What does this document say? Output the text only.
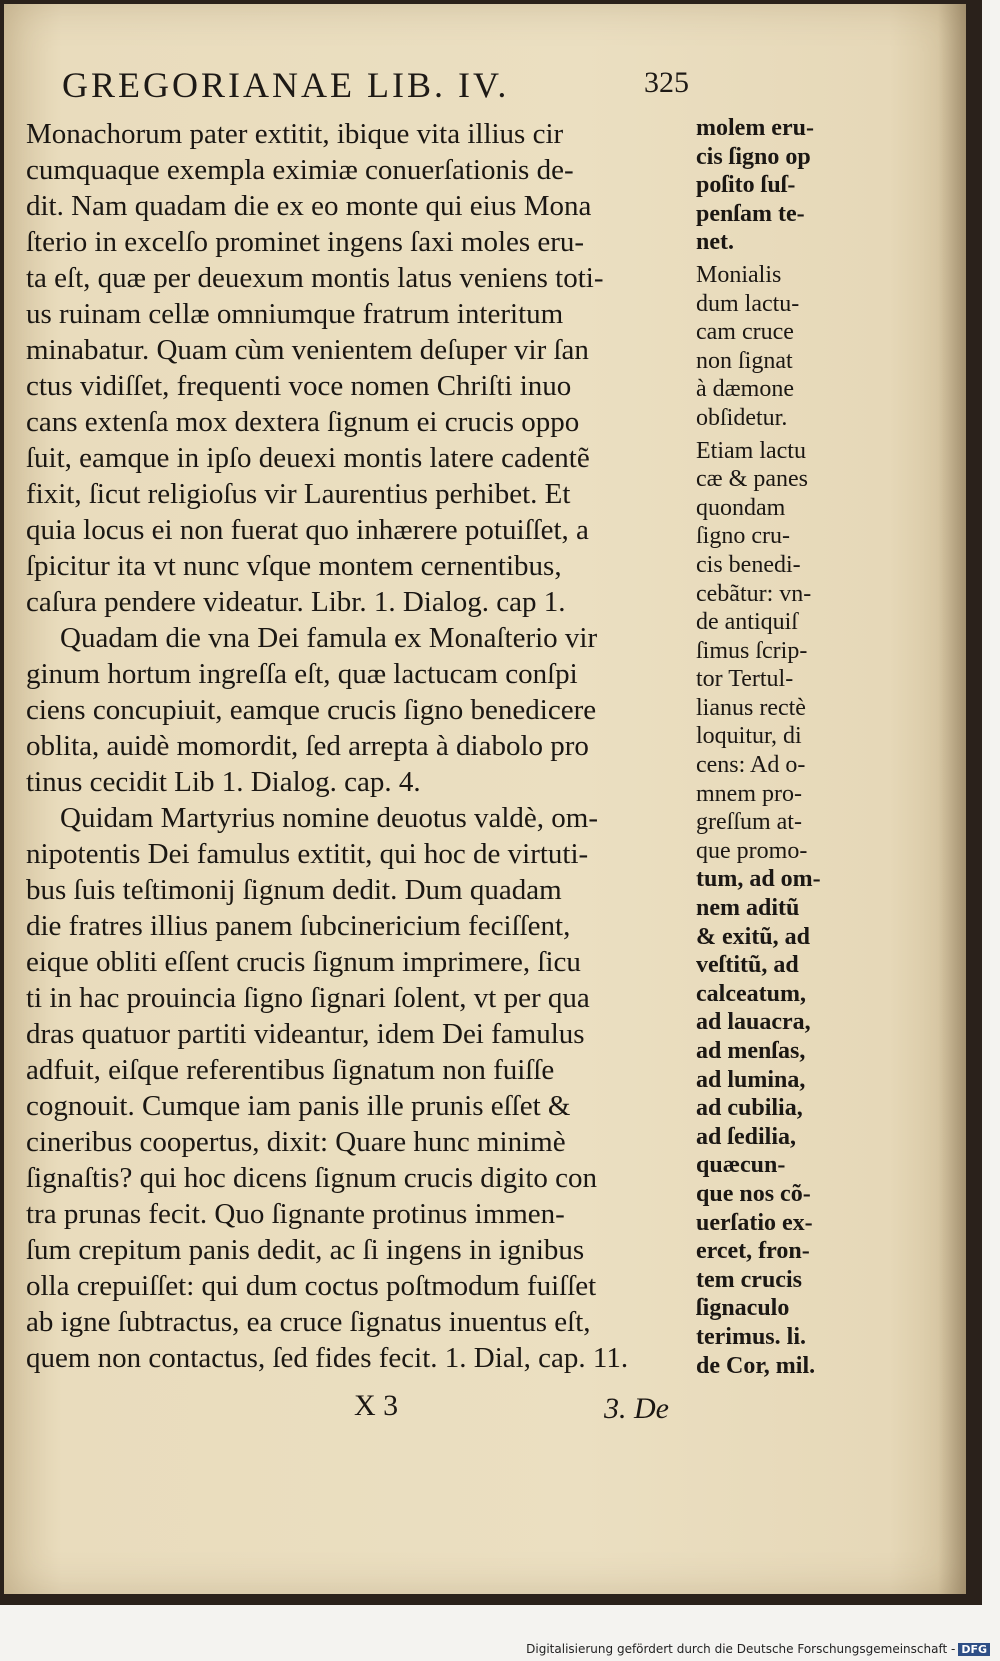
GREGORIANAE LIB. IV.	325
Monachorum pater extitit, ibique vita illius cir
cumquaque exempla eximiæ conuerſationis de-
dit. Nam quadam die ex eo monte qui eius Mona
ſterio in excelſo prominet ingens ſaxi moles eru-
ta eſt, quæ per deuexum montis latus veniens toti-
us ruinam cellæ omniumque fratrum interitum
minabatur. Quam cùm venientem deſuper vir ſan
ctus vidiſſet, frequenti voce nomen Chriſti inuo
cans extenſa mox dextera ſignum ei crucis oppo
ſuit, eamque in ipſo deuexi montis latere cadentẽ
fixit, ſicut religioſus vir Laurentius perhibet. Et
quia locus ei non fuerat quo inhærere potuiſſet, a
ſpicitur ita vt nunc vſque montem cernentibus,
caſura pendere videatur. Libr. 1. Dialog. cap 1.
Quadam die vna Dei famula ex Monaſterio vir
ginum hortum ingreſſa eſt, quæ lactucam conſpi
ciens concupiuit, eamque crucis ſigno benedicere
oblita, auidè momordit, ſed arrepta à diabolo pro
tinus cecidit Lib 1. Dialog. cap. 4.
Quidam Martyrius nomine deuotus valdè, om-
nipotentis Dei famulus extitit, qui hoc de virtuti-
bus ſuis teſtimonij ſignum dedit. Dum quadam
die fratres illius panem ſubcinericium feciſſent,
eique obliti eſſent crucis ſignum imprimere, ſicu
ti in hac prouincia ſigno ſignari ſolent, vt per qua
dras quatuor partiti videantur, idem Dei famulus
adfuit, eiſque referentibus ſignatum non fuiſſe
cognouit. Cumque iam panis ille prunis eſſet &
cineribus coopertus, dixit: Quare hunc minimè
ſignaſtis? qui hoc dicens ſignum crucis digito con
tra prunas fecit. Quo ſignante protinus immen-
ſum crepitum panis dedit, ac ſi ingens in ignibus
olla crepuiſſet: qui dum coctus poſtmodum fuiſſet
ab igne ſubtractus, ea cruce ſignatus inuentus eſt,
quem non contactus, ſed fides fecit. 1. Dial, cap. 11.
molem eru-
cis ſigno op
poſito ſuſ-
penſam te-
net.
Monialis
dum lactu-
cam cruce
non ſignat
à dæmone
obſidetur.
Etiam lactu
cæ & panes
quondam
ſigno cru-
cis benedi-
cebãtur: vn-
de antiquiſ
ſimus ſcrip-
tor Tertul-
lianus rectè
loquitur, di
cens: Ad o-
mnem pro-
greſſum at-
que promo-
tum, ad om-
nem aditũ
& exitũ, ad
veſtitũ, ad
calceatum,
ad lauacra,
ad menſas,
ad lumina,
ad cubilia,
ad ſedilia,
quæcun-
que nos cõ-
uerſatio ex-
ercet, fron-
tem crucis
ſignaculo
terimus. li.
de Cor, mil.
X 3	3. De
Digitalisierung gefördert durch die Deutsche Forschungsgemeinschaft - DFG
